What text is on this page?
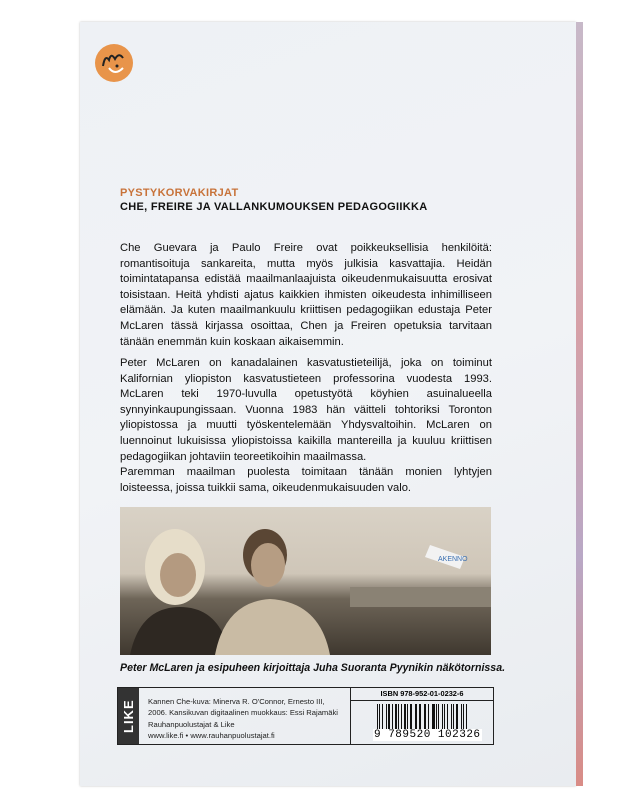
PYSTYKORVAKIRJAT
CHE, FREIRE JA VALLANKUMOUKSEN PEDAGOGIIKKA
Che Guevara ja Paulo Freire ovat poikkeuksellisia henkilöitä: romantisoituja sankareita, mutta myös julkisia kasvattajia. Heidän toimintatapansa edistää maailmanlaajuista oikeudenmukaisuutta erosivat toisistaan. Heitä yhdisti ajatus kaikkien ihmisten oikeudesta inhimilliseen elämään. Ja kuten maailmankuulu kriittisen pedagogiikan edustaja Peter McLaren tässä kirjassa osoittaa, Chen ja Freiren opetuksia tarvitaan tänään enemmän kuin koskaan aikaisemmin.
Peter McLaren on kanadalainen kasvatustieteilijä, joka on toiminut Kalifornian yliopiston kasvatustieteen professorina vuodesta 1993. McLaren teki 1970-luvulla opetustyötä köyhien asuinalueella synnyinkaupungissaan. Vuonna 1983 hän väitteli tohtoriksi Toronton yliopistossa ja muutti työskentelemään Yhdysvaltoihin. McLaren on luennoinut lukuisissa yliopistoissa kaikilla mantereilla ja kuuluu kriittisen pedagogiikan johtaviin teoreetikoihin maailmassa.
Paremman maailman puolesta toimitaan tänään monien lyhtyjen loisteessa, joissa tuikkii sama, oikeudenmukaisuuden valo.
AKENNO
Peter McLaren ja esipuheen kirjoittaja Juha Suoranta Pyynikin näkötornissa.
LIKE	Kannen Che-kuva: Minerva R. O'Connor, Ernesto III,
2006. Kansikuvan digitaalinen muokkaus: Essi Rajamäki
Rauhanpuolustajat & Like
www.like.fi • www.rauhanpuolustajat.fi
ISBN 978-952-01-0232-6
9 789520 102326
